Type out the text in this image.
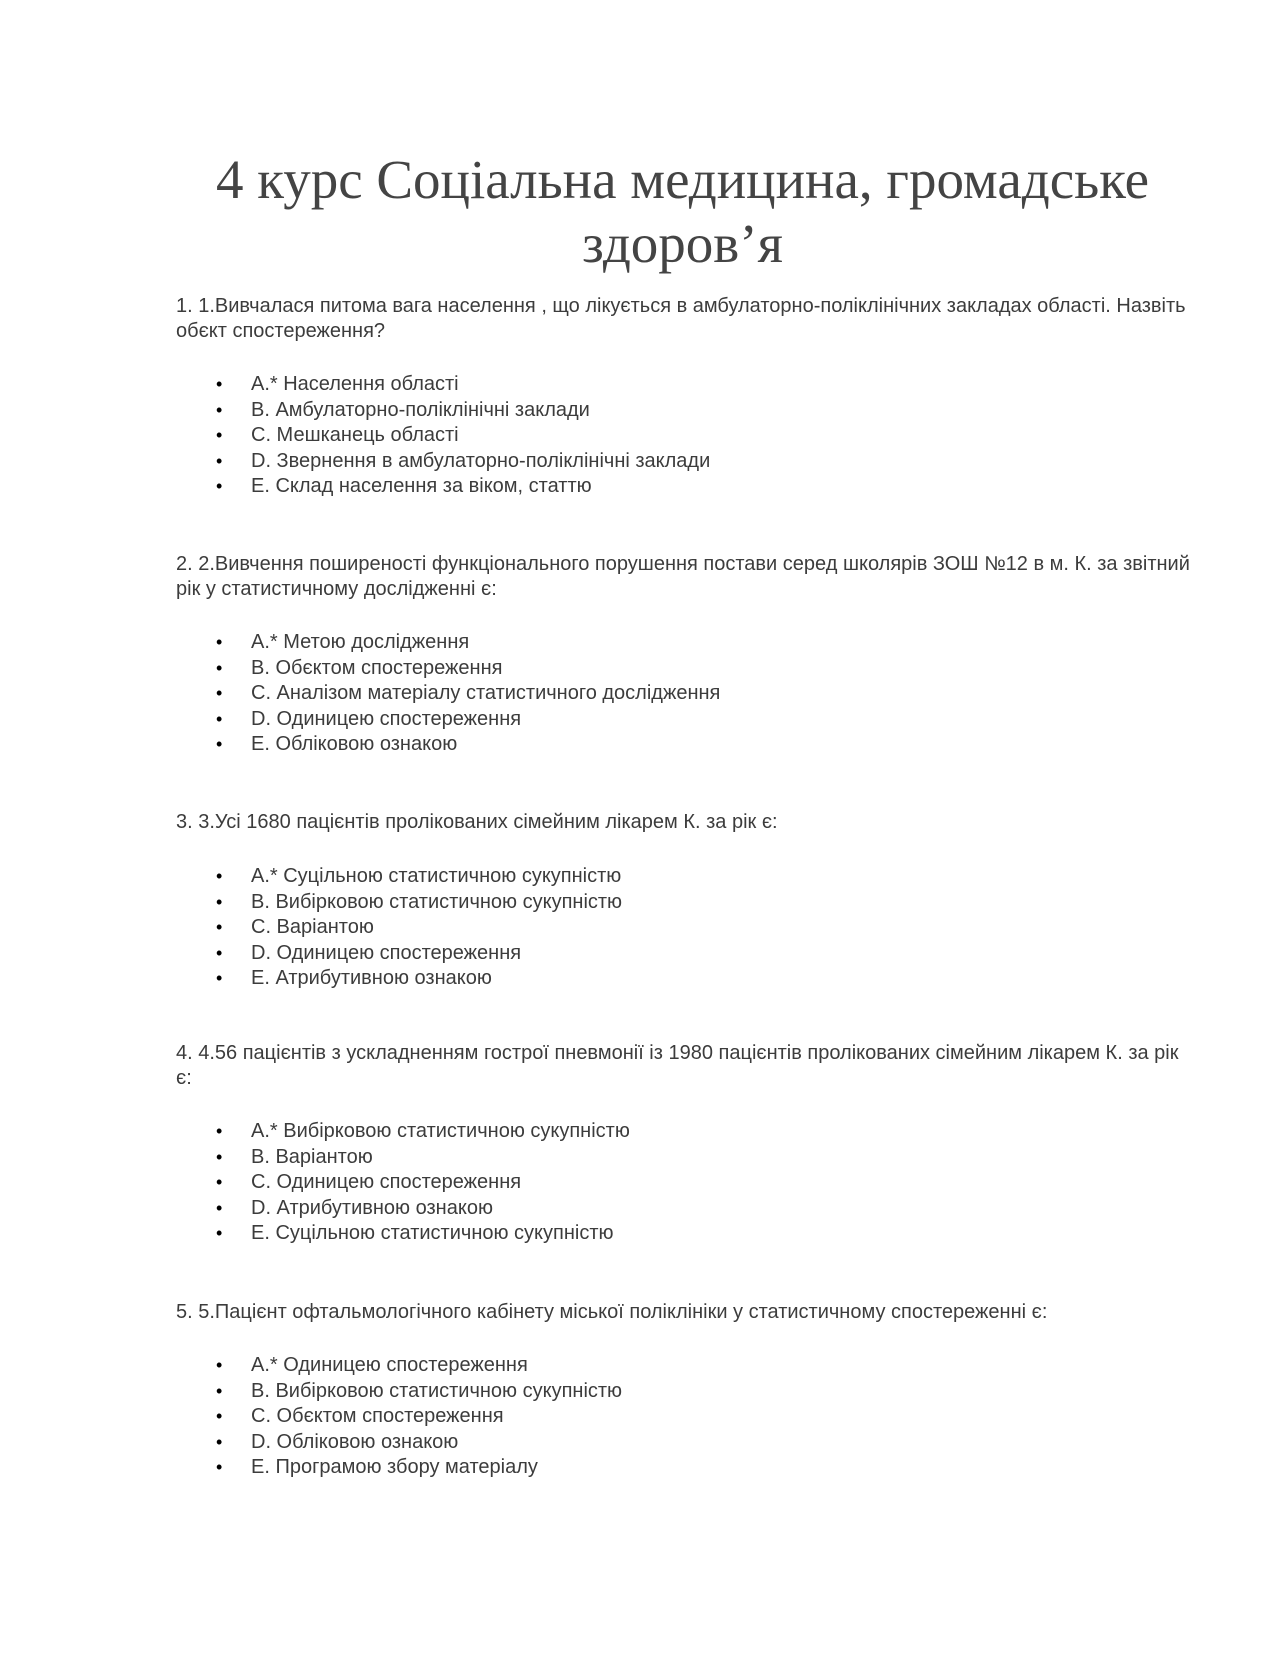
4 курс Соціальна медицина, громадське здоров’я

1. 1.Вивчалася питома вага населення , що лікується в амбулаторно-поліклінічних закладах області. Назвіть обєкт спостереження?

• A.* Населення області
• B. Амбулаторно-поліклінічні заклади
• C. Мешканець області
• D. Звернення в амбулаторно-поліклінічні заклади
• E. Склад населення за віком, статтю

2. 2.Вивчення поширеності функціонального порушення постави серед школярів ЗОШ №12 в м. К. за звітний рік у статистичному дослідженні є:

• A.* Метою дослідження
• B. Обєктом спостереження
• C. Аналізом матеріалу статистичного дослідження
• D. Одиницею спостереження
• E. Обліковою ознакою

3. 3.Усі 1680 пацієнтів пролікованих сімейним лікарем К. за рік є:

• A.* Суцільною статистичною сукупністю
• B. Вибірковою статистичною сукупністю
• C. Варіантою
• D. Одиницею спостереження
• E. Атрибутивною ознакою

4. 4.56 пацієнтів з ускладненням гострої пневмонії із 1980 пацієнтів пролікованих сімейним лікарем К. за рік є:

• A.* Вибірковою статистичною сукупністю
• B. Варіантою
• C. Одиницею спостереження
• D. Атрибутивною ознакою
• E. Суцільною статистичною сукупністю

5. 5.Пацієнт офтальмологічного кабінету міської поліклініки у статистичному спостереженні є:

• A.* Одиницею спостереження
• B. Вибірковою статистичною сукупністю
• C. Обєктом спостереження
• D. Обліковою ознакою
• E. Програмою збору матеріалу
